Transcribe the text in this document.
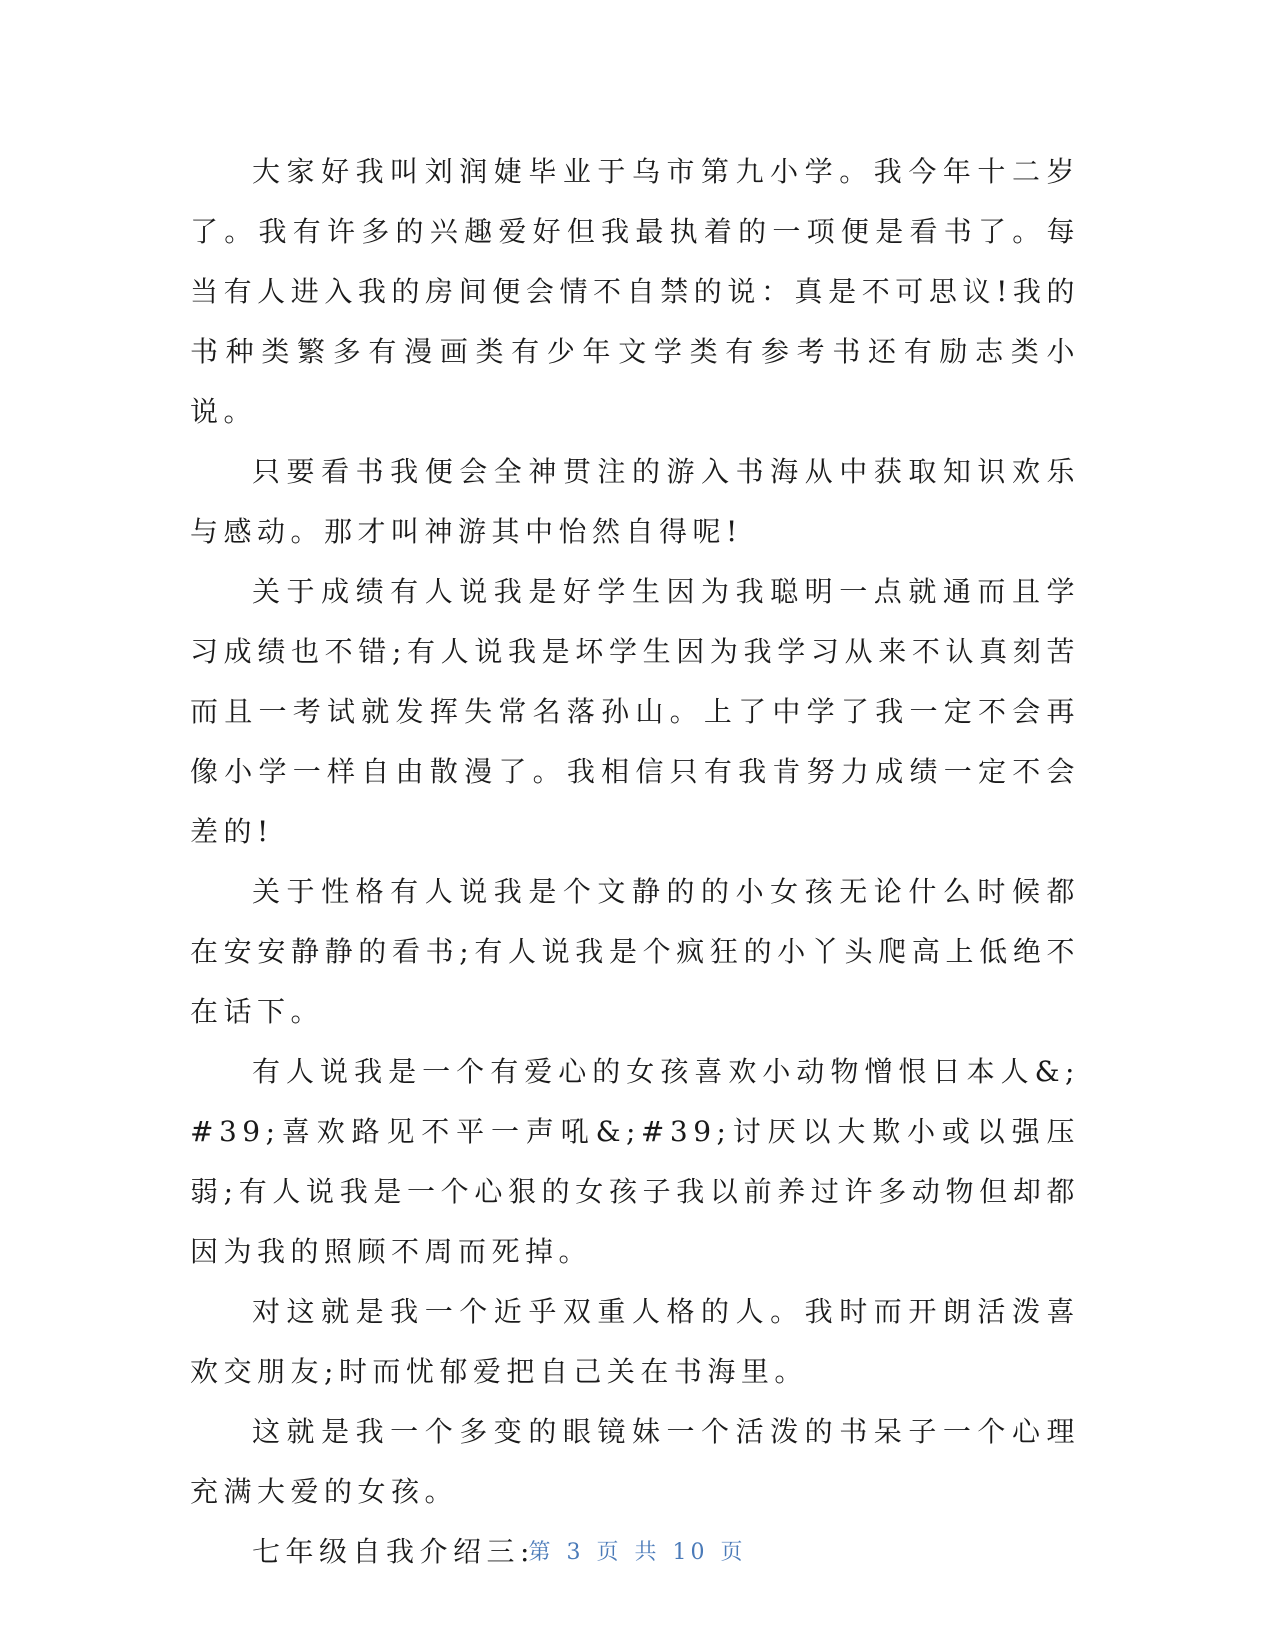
大家好我叫刘润婕毕业于乌市第九小学。我今年十二岁了。我有许多的兴趣爱好但我最执着的一项便是看书了。每当有人进入我的房间便会情不自禁的说：真是不可思议!我的书种类繁多有漫画类有少年文学类有参考书还有励志类小说。

只要看书我便会全神贯注的游入书海从中获取知识欢乐与感动。那才叫神游其中怡然自得呢!

关于成绩有人说我是好学生因为我聪明一点就通而且学习成绩也不错;有人说我是坏学生因为我学习从来不认真刻苦而且一考试就发挥失常名落孙山。上了中学了我一定不会再像小学一样自由散漫了。我相信只有我肯努力成绩一定不会差的!

关于性格有人说我是个文静的的小女孩无论什么时候都在安安静静的看书;有人说我是个疯狂的小丫头爬高上低绝不在话下。

有人说我是一个有爱心的女孩喜欢小动物憎恨日本人&;#39;喜欢路见不平一声吼&;#39;讨厌以大欺小或以强压弱;有人说我是一个心狠的女孩子我以前养过许多动物但却都因为我的照顾不周而死掉。

对这就是我一个近乎双重人格的人。我时而开朗活泼喜欢交朋友;时而忧郁爱把自己关在书海里。

这就是我一个多变的眼镜妹一个活泼的书呆子一个心理充满大爱的女孩。

七年级自我介绍三:

第 3 页 共 10 页
